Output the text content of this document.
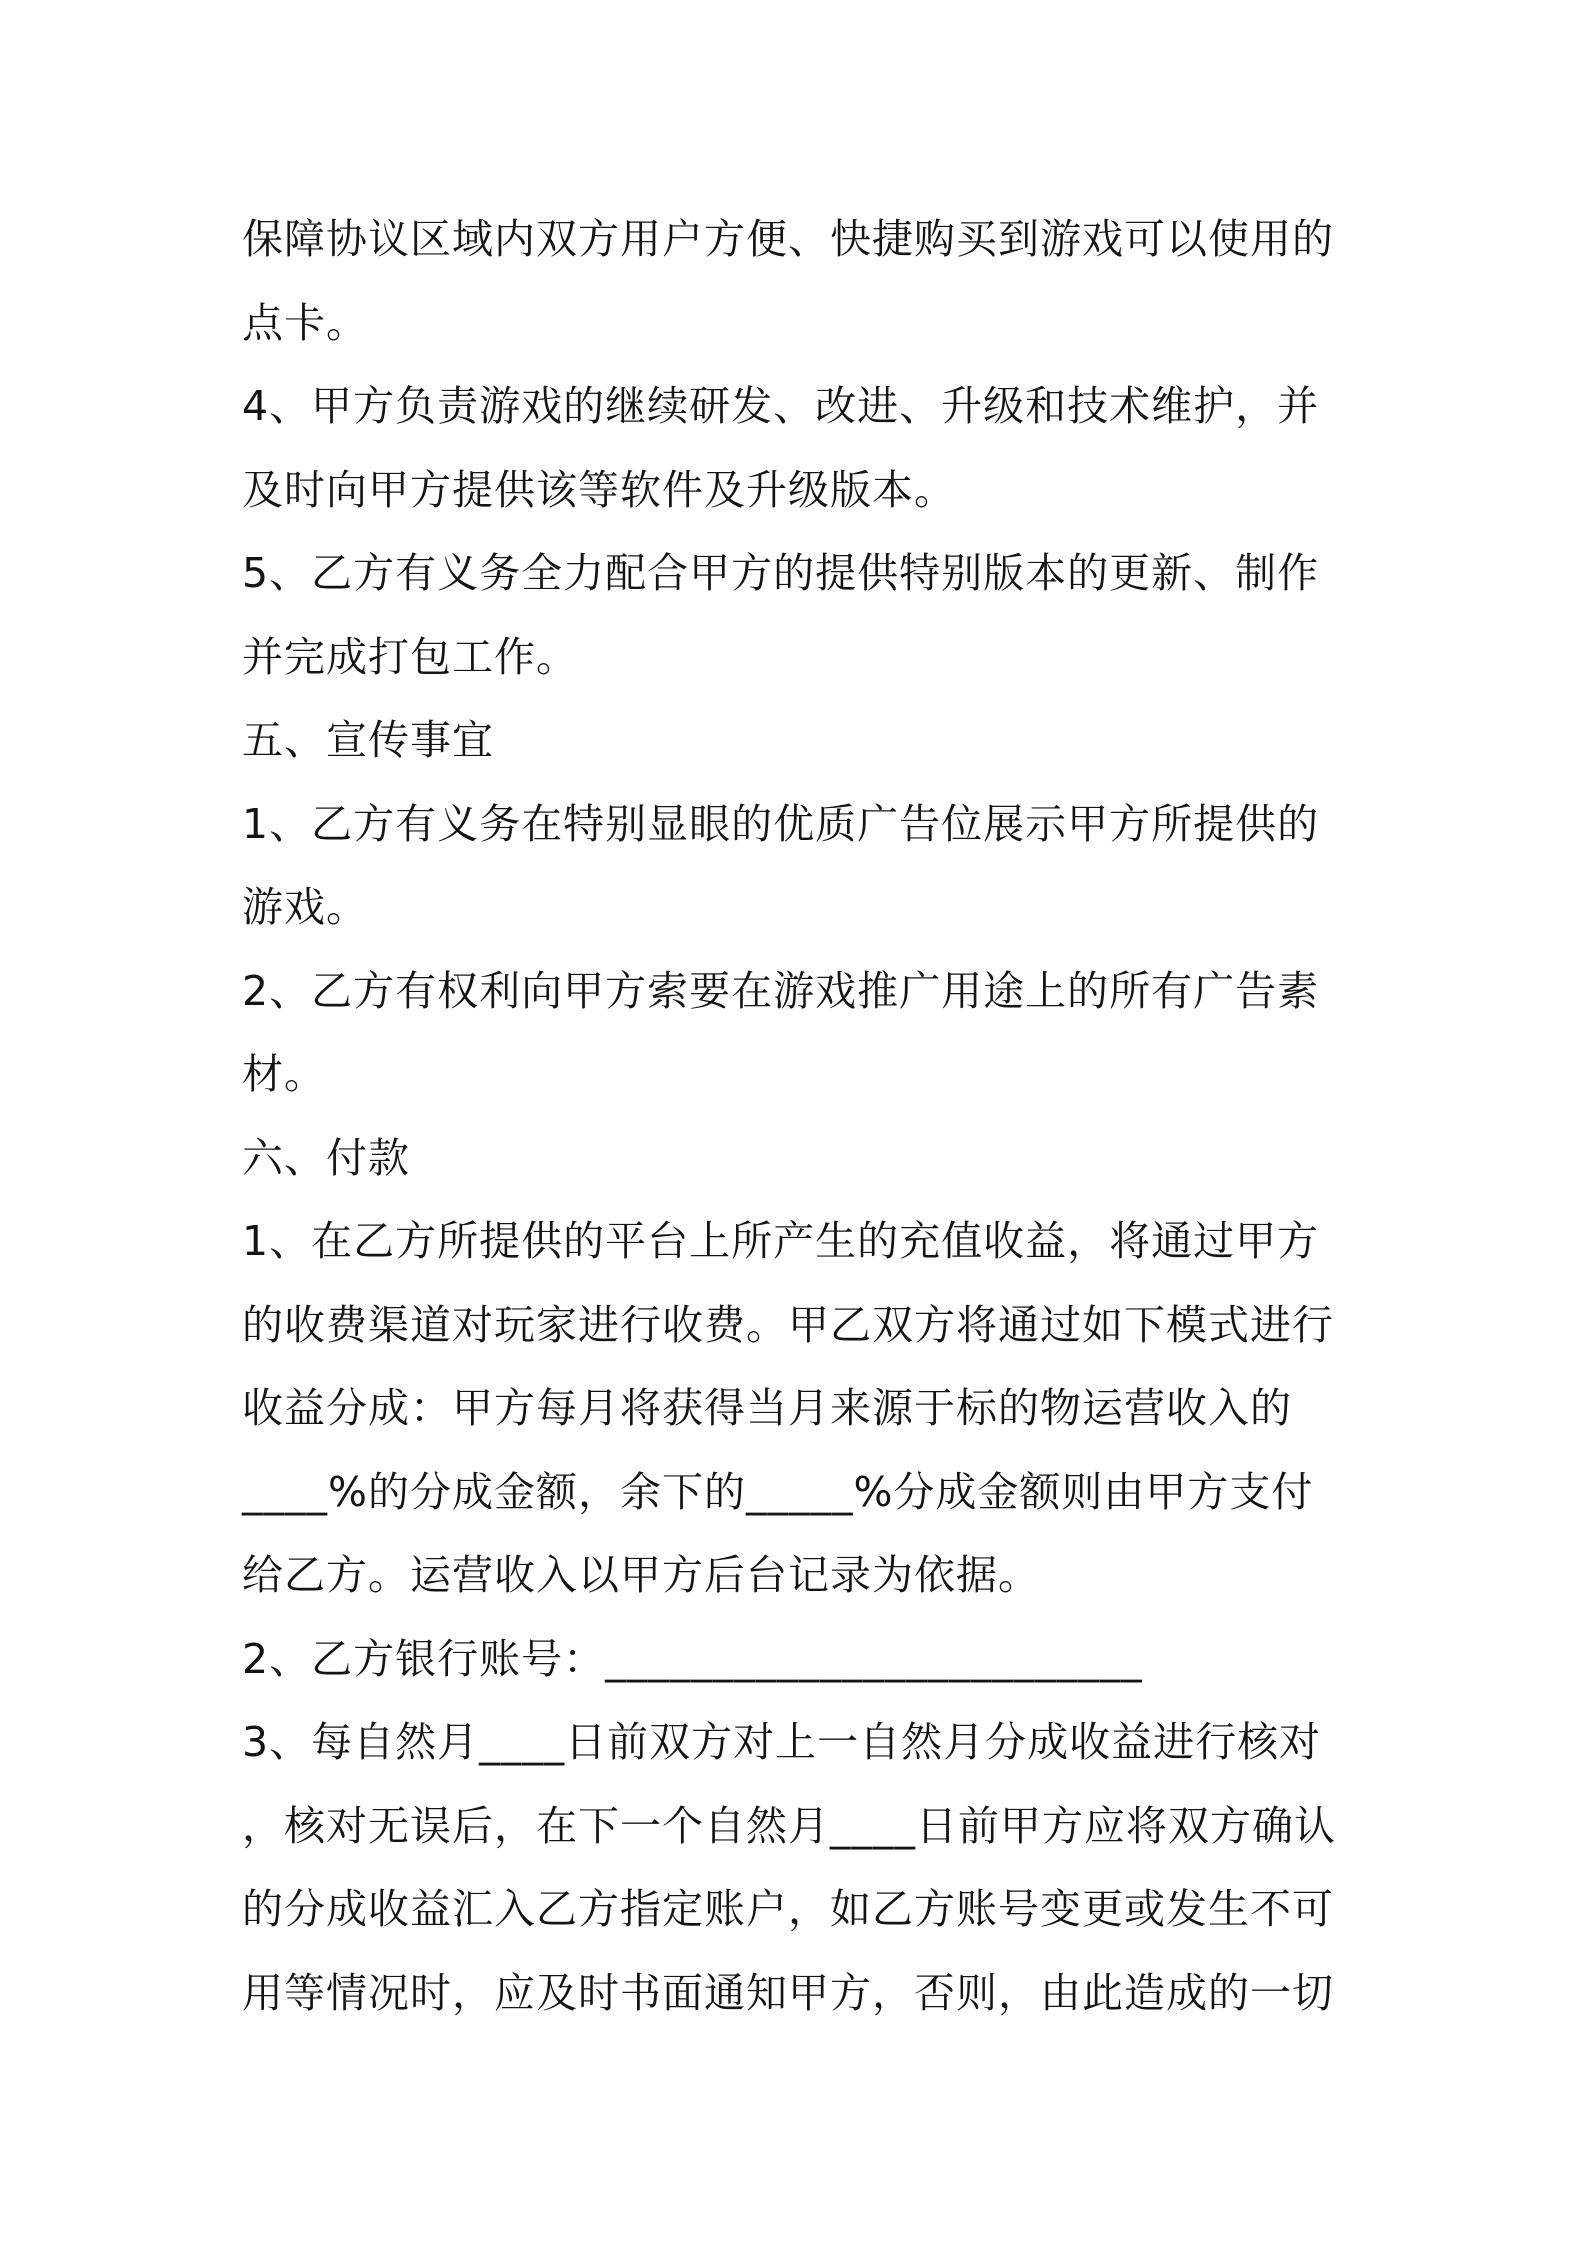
保障协议区域内双方用户方便、快捷购买到游戏可以使用的
点卡。
4、甲方负责游戏的继续研发、改进、升级和技术维护，并
及时向甲方提供该等软件及升级版本。
5、乙方有义务全力配合甲方的提供特别版本的更新、制作
并完成打包工作。
五、宣传事宜
1、乙方有义务在特别显眼的优质广告位展示甲方所提供的
游戏。
2、乙方有权利向甲方索要在游戏推广用途上的所有广告素
材。
六、付款
1、在乙方所提供的平台上所产生的充值收益，将通过甲方
的收费渠道对玩家进行收费。甲乙双方将通过如下模式进行
收益分成：甲方每月将获得当月来源于标的物运营收入的
____%的分成金额，余下的_____%分成金额则由甲方支付
给乙方。运营收入以甲方后台记录为依据。
2、乙方银行账号：_________________________
3、每自然月____日前双方对上一自然月分成收益进行核对
，核对无误后，在下一个自然月____日前甲方应将双方确认
的分成收益汇入乙方指定账户，如乙方账号变更或发生不可
用等情况时，应及时书面通知甲方，否则，由此造成的一切
